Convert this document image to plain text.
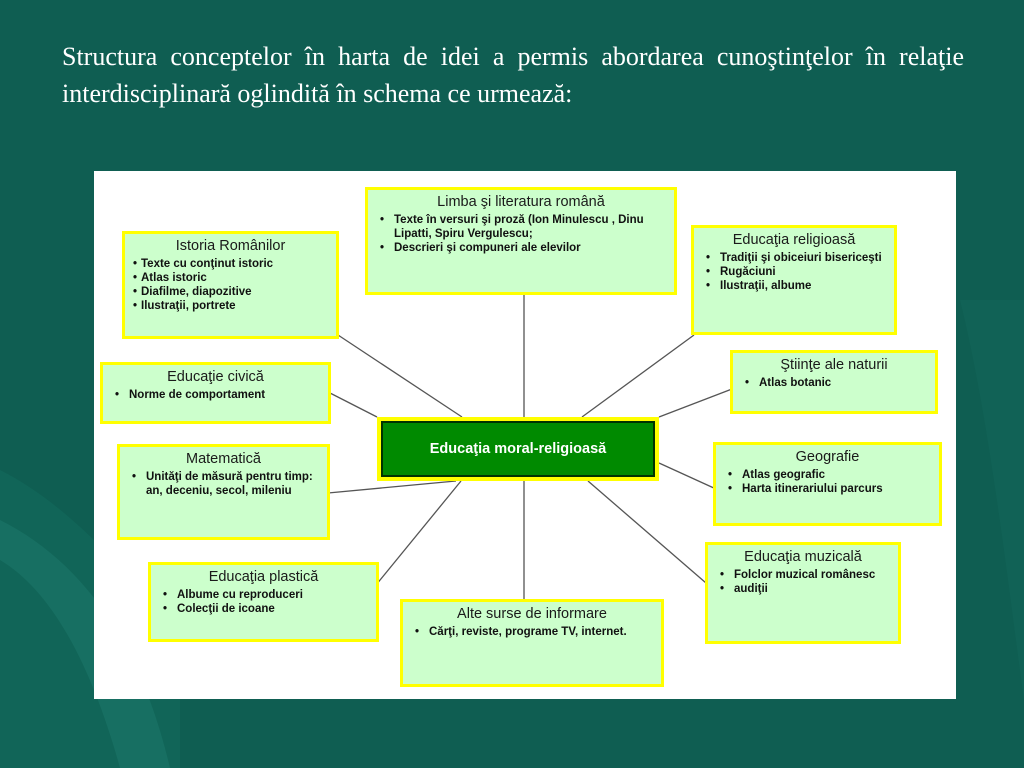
Structura conceptelor în harta de idei a permis abordarea cunoştinţelor în relaţie interdisciplinară oglindită în schema ce urmează:

Limba şi literatura română
• Texte în versuri şi proză (Ion Minulescu , Dinu Lipatti, Spiru Vergulescu;
• Descrieri şi compuneri ale elevilor
Istoria Românilor
• Texte cu conţinut istoric
• Atlas istoric
• Diafilme, diapozitive
• Ilustraţii, portrete
Educaţia religioasă
• Tradiţii şi obiceiuri bisericeşti
• Rugăciuni
• Ilustraţii, albume
Educaţie civică
• Norme de comportament
Ştiinţe ale naturii
• Atlas botanic
Matematică
• Unităţi de măsură pentru timp: an, deceniu, secol, mileniu
Geografie
• Atlas geografic
• Harta itinerariului parcurs
Educaţia plastică
• Albume cu reproduceri
• Colecţii de icoane	Alte surse de informare
• Cărţi, reviste, programe TV, internet.
Educaţia muzicală
• Folclor muzical românesc
• audiţii
Educaţia moral-religioasă
